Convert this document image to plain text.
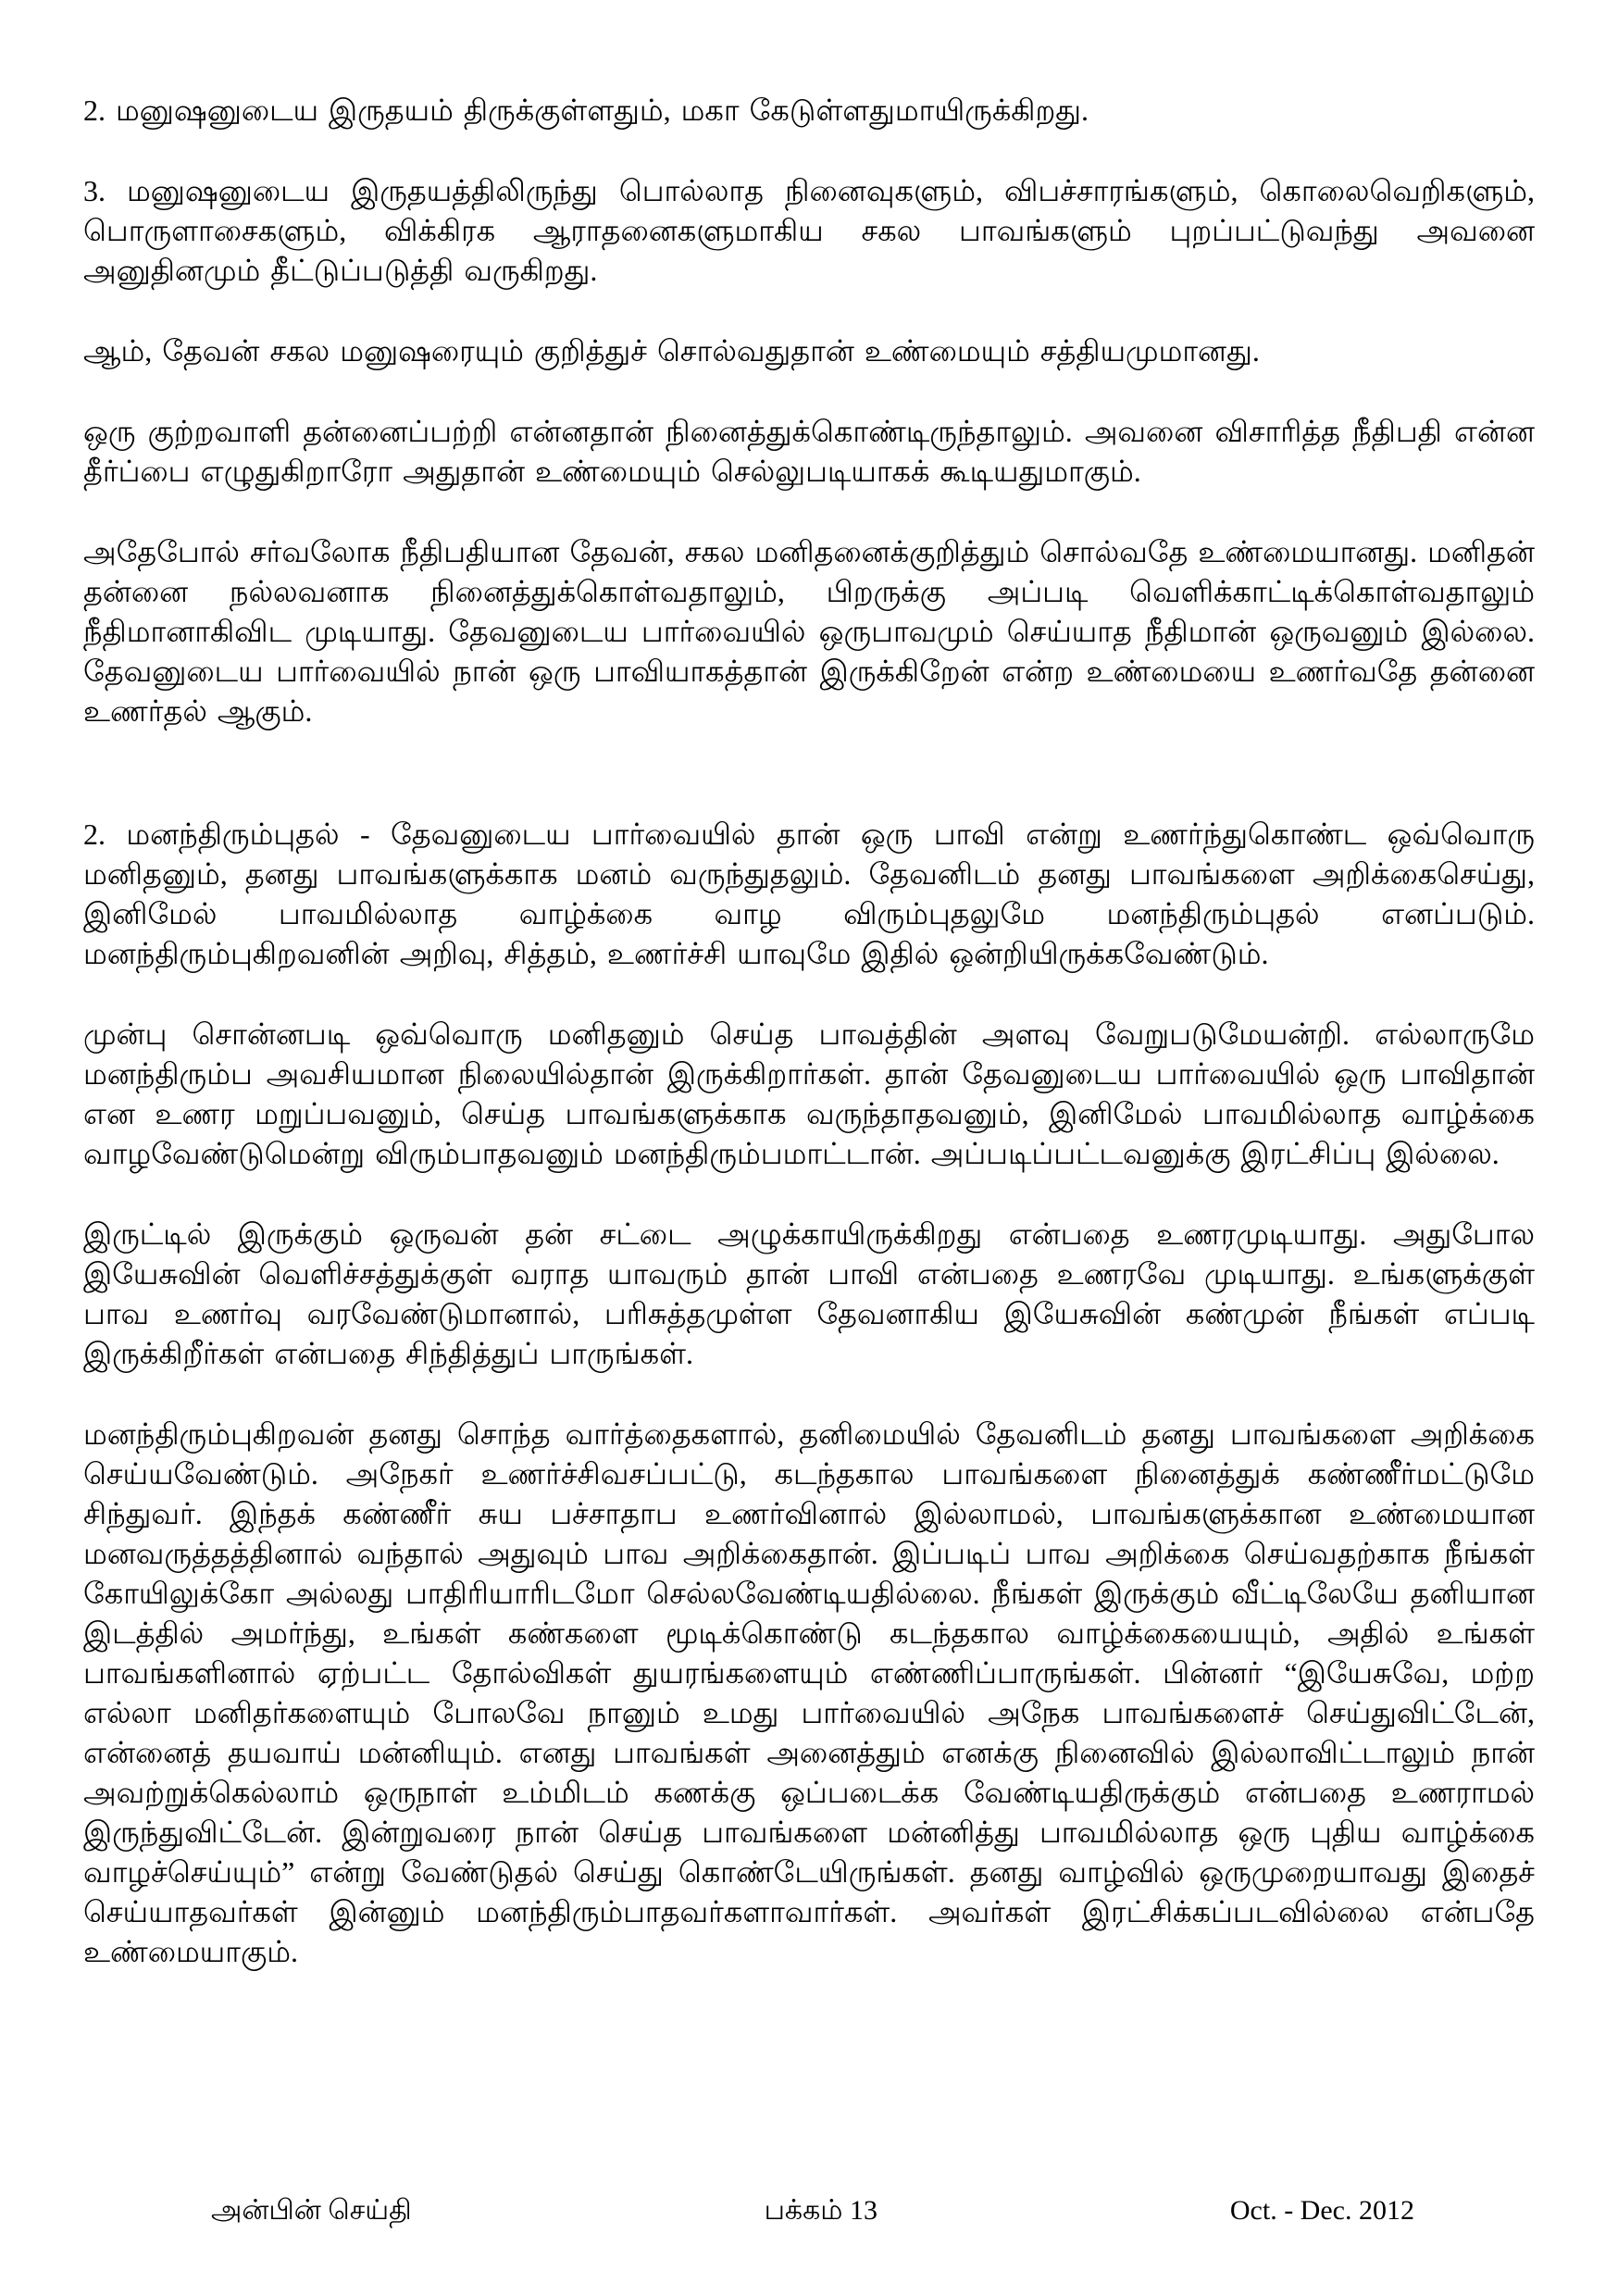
2. மனுஷனுடைய இருதயம் திருக்குள்ளதும், மகா கேடுள்ளதுமாயிருக்கிறது.

3. மனுஷனுடைய இருதயத்திலிருந்து பொல்லாத நினைவுகளும், விபச்சாரங்களும், கொலைவெறிகளும், பொருளாசைகளும், விக்கிரக ஆராதனைகளுமாகிய சகல பாவங்களும் புறப்பட்டுவந்து அவனை அனுதினமும் தீட்டுப்படுத்தி வருகிறது.

ஆம், தேவன் சகல மனுஷரையும் குறித்துச் சொல்வதுதான் உண்மையும் சத்தியமுமானது.

ஒரு குற்றவாளி தன்னைப்பற்றி என்னதான் நினைத்துக்கொண்டிருந்தாலும். அவனை விசாரித்த நீதிபதி என்ன தீர்ப்பை எழுதுகிறாரோ அதுதான் உண்மையும் செல்லுபடியாகக் கூடியதுமாகும்.

அதேபோல் சர்வலோக நீதிபதியான தேவன், சகல மனிதனைக்குறித்தும் சொல்வதே உண்மையானது. மனிதன் தன்னை நல்லவனாக நினைத்துக்கொள்வதாலும், பிறருக்கு அப்படி வெளிக்காட்டிக்கொள்வதாலும் நீதிமானாகிவிட முடியாது. தேவனுடைய பார்வையில் ஒருபாவமும் செய்யாத நீதிமான் ஒருவனும் இல்லை. தேவனுடைய பார்வையில் நான் ஒரு பாவியாகத்தான் இருக்கிறேன் என்ற உண்மையை உணர்வதே தன்னை உணர்தல் ஆகும்.

2. மனந்திரும்புதல் - தேவனுடைய பார்வையில் தான் ஒரு பாவி என்று உணர்ந்துகொண்ட ஒவ்வொரு மனிதனும், தனது பாவங்களுக்காக மனம் வருந்துதலும். தேவனிடம் தனது பாவங்களை அறிக்கைசெய்து, இனிமேல் பாவமில்லாத வாழ்க்கை வாழ விரும்புதலுமே மனந்திரும்புதல் எனப்படும். மனந்திரும்புகிறவனின் அறிவு, சித்தம், உணர்ச்சி யாவுமே இதில் ஒன்றியிருக்கவேண்டும்.

முன்பு சொன்னபடி ஒவ்வொரு மனிதனும் செய்த பாவத்தின் அளவு வேறுபடுமேயன்றி. எல்லாருமே மனந்திரும்ப அவசியமான நிலையில்தான் இருக்கிறார்கள். தான் தேவனுடைய பார்வையில் ஒரு பாவிதான் என உணர மறுப்பவனும், செய்த பாவங்களுக்காக வருந்தாதவனும், இனிமேல் பாவமில்லாத வாழ்க்கை வாழவேண்டுமென்று விரும்பாதவனும் மனந்திரும்பமாட்டான். அப்படிப்பட்டவனுக்கு இரட்சிப்பு இல்லை.

இருட்டில் இருக்கும் ஒருவன் தன் சட்டை அழுக்காயிருக்கிறது என்பதை உணரமுடியாது. அதுபோல இயேசுவின் வெளிச்சத்துக்குள் வராத யாவரும் தான் பாவி என்பதை உணரவே முடியாது. உங்களுக்குள் பாவ உணர்வு வரவேண்டுமானால், பரிசுத்தமுள்ள தேவனாகிய இயேசுவின் கண்முன் நீங்கள் எப்படி இருக்கிறீர்கள் என்பதை சிந்தித்துப் பாருங்கள்.

மனந்திரும்புகிறவன் தனது சொந்த வார்த்தைகளால், தனிமையில் தேவனிடம் தனது பாவங்களை அறிக்கை செய்யவேண்டும். அநேகர் உணர்ச்சிவசப்பட்டு, கடந்தகால பாவங்களை நினைத்துக் கண்ணீர்மட்டுமே சிந்துவர். இந்தக் கண்ணீர் சுய பச்சாதாப உணர்வினால் இல்லாமல், பாவங்களுக்கான உண்மையான மனவருத்தத்தினால் வந்தால் அதுவும் பாவ அறிக்கைதான். இப்படிப் பாவ அறிக்கை செய்வதற்காக நீங்கள் கோயிலுக்கோ அல்லது பாதிரியாரிடமோ செல்லவேண்டியதில்லை. நீங்கள் இருக்கும் வீட்டிலேயே தனியான இடத்தில் அமர்ந்து, உங்கள் கண்களை மூடிக்கொண்டு கடந்தகால வாழ்க்கையையும், அதில் உங்கள் பாவங்களினால் ஏற்பட்ட தோல்விகள் துயரங்களையும் எண்ணிப்பாருங்கள். பின்னர் “இயேசுவே, மற்ற எல்லா மனிதர்களையும் போலவே நானும் உமது பார்வையில் அநேக பாவங்களைச் செய்துவிட்டேன், என்னைத் தயவாய் மன்னியும். எனது பாவங்கள் அனைத்தும் எனக்கு நினைவில் இல்லாவிட்டாலும் நான் அவற்றுக்கெல்லாம் ஒருநாள் உம்மிடம் கணக்கு ஒப்படைக்க வேண்டியதிருக்கும் என்பதை உணராமல் இருந்துவிட்டேன். இன்றுவரை நான் செய்த பாவங்களை மன்னித்து பாவமில்லாத ஒரு புதிய வாழ்க்கை வாழச்செய்யும்” என்று வேண்டுதல் செய்து கொண்டேயிருங்கள். தனது வாழ்வில் ஒருமுறையாவது இதைச் செய்யாதவர்கள் இன்னும் மனந்திரும்பாதவர்களாவார்கள். அவர்கள் இரட்சிக்கப்படவில்லை என்பதே உண்மையாகும்.

அன்பின் செய்தி	பக்கம் 13	Oct. - Dec. 2012
